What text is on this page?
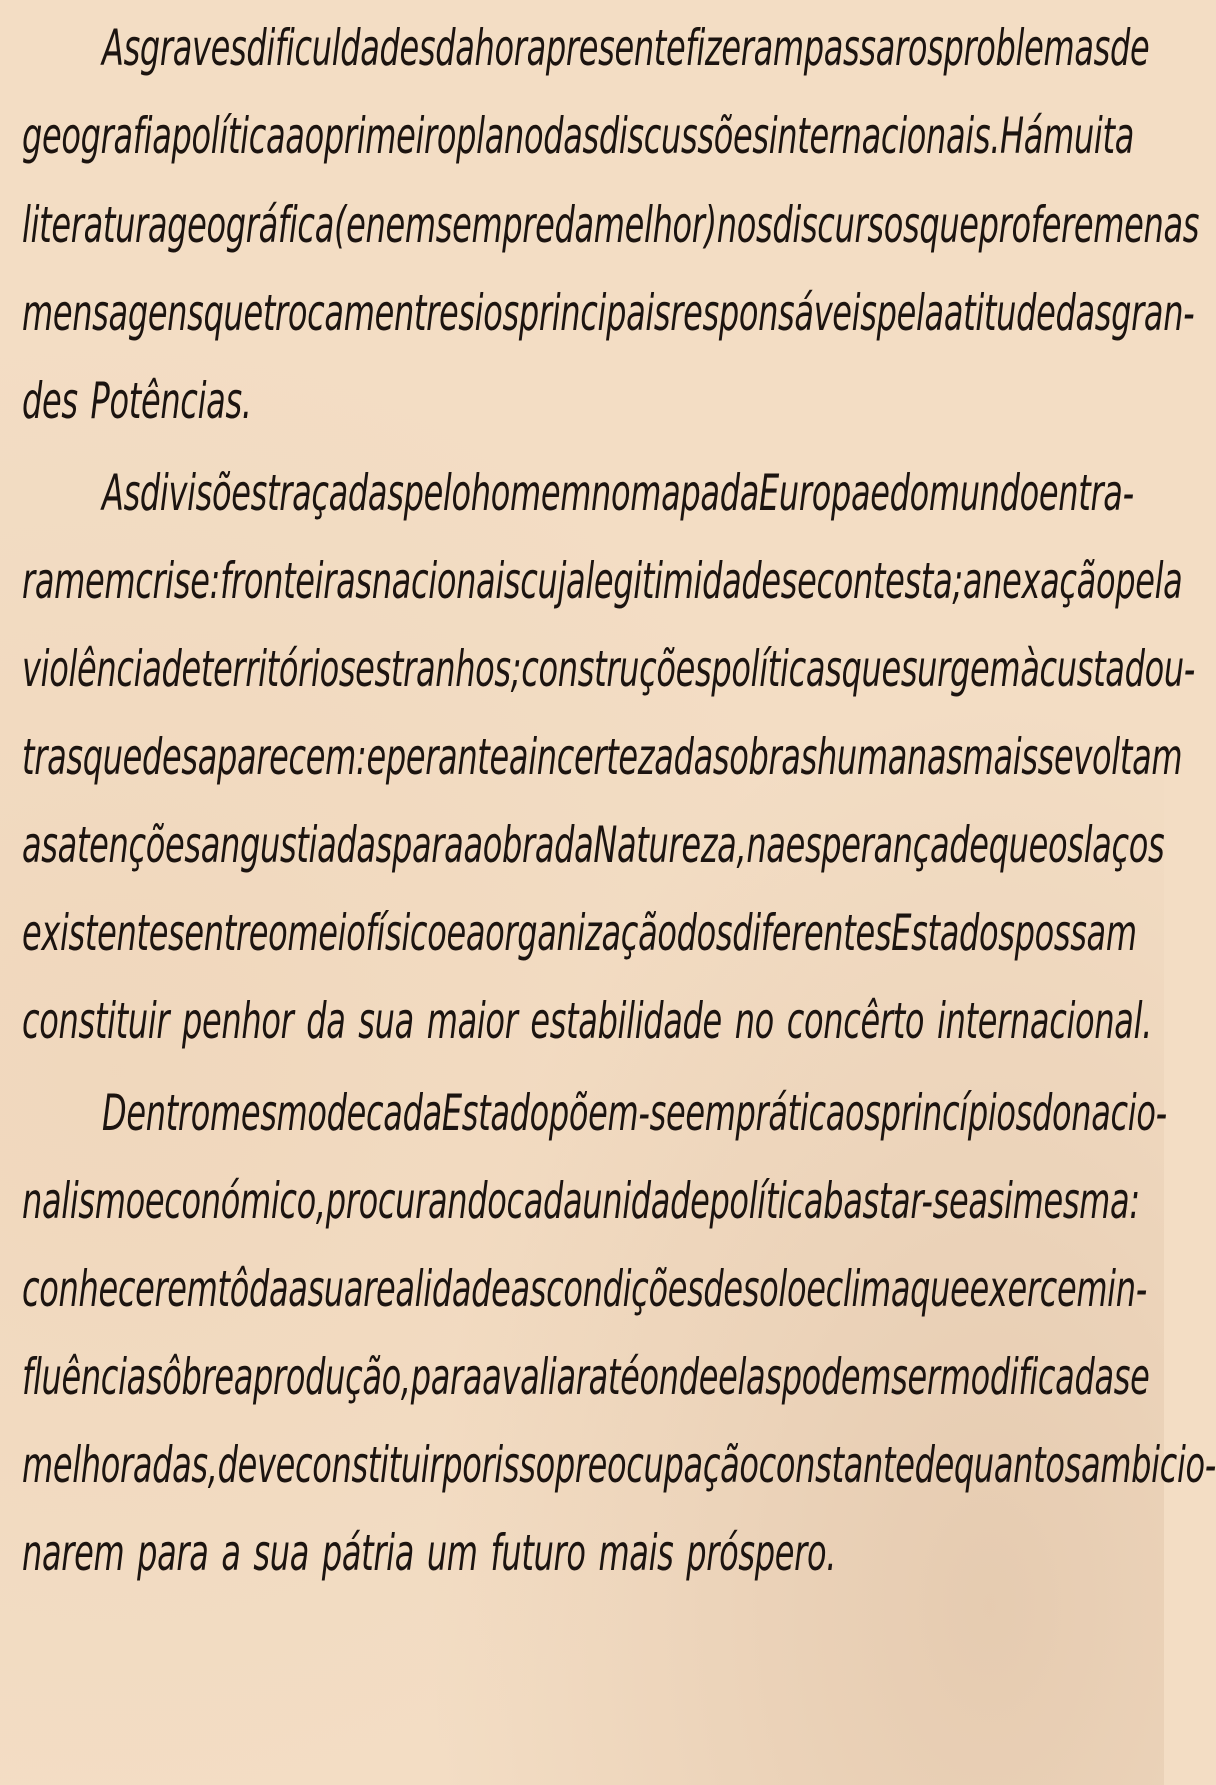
As graves dificuldades da hora presente fizeram passar os problemas de
geografia política ao primeiro plano das discussões internacionais. Há muita
literatura geográfica (e nem sempre da melhor) nos discursos que proferem e nas
mensagens que trocam entre si os principais responsáveis pela atitude das gran-
des Potências.
As divisões traçadas pelo homem no mapa da Europa e do mundo entra-
ram em crise: fronteiras nacionais cuja legitimidade se contesta; anexação pela
violência de territórios estranhos; construções políticas que surgem à custa dou-
tras que desaparecem: e perante a incerteza das obras humanas mais se voltam
as atenções angustiadas para a obra da Natureza, na esperança de que os laços
existentes entre o meio físico e a organização dos diferentes Estados possam
constituir penhor da sua maior estabilidade no concêrto internacional.
Dentro mesmo de cada Estado põem-se em prática os princípios do nacio-
nalismo económico, procurando cada unidade política bastar-se a si mesma:
conhecer em tôda a sua realidade as condições de solo e clima que exercem in-
fluência sôbre a produção, para avaliar até onde elas podem ser modificadas e
melhoradas, deve constituir por isso preocupação constante de quantos ambicio-
narem para a sua pátria um futuro mais próspero.
